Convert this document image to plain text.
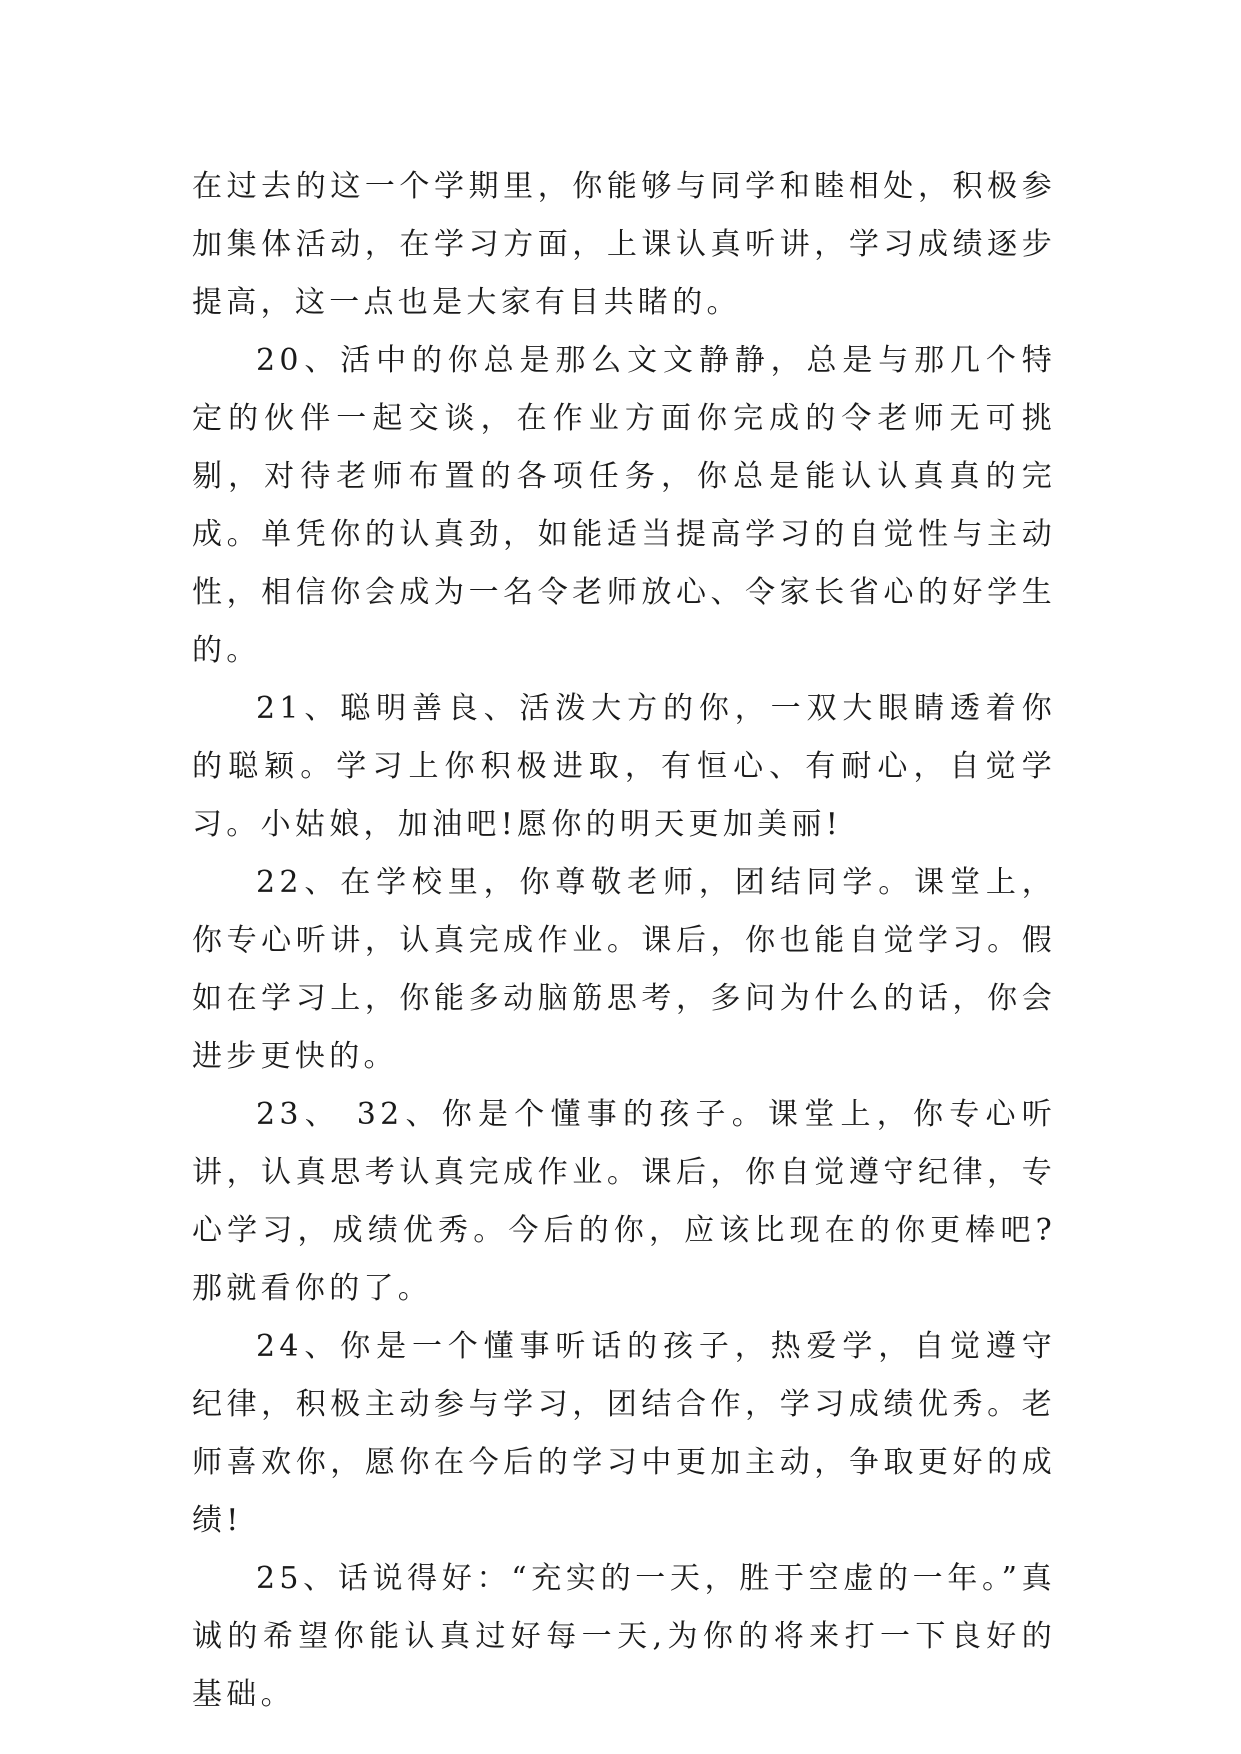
在过去的这一个学期里，你能够与同学和睦相处，积极参加集体活动，在学习方面，上课认真听讲，学习成绩逐步提高，这一点也是大家有目共睹的。

20、活中的你总是那么文文静静，总是与那几个特定的伙伴一起交谈，在作业方面你完成的令老师无可挑剔，对待老师布置的各项任务，你总是能认认真真的完成。单凭你的认真劲，如能适当提高学习的自觉性与主动性，相信你会成为一名令老师放心、令家长省心的好学生的。

21、聪明善良、活泼大方的你，一双大眼睛透着你的聪颖。学习上你积极进取，有恒心、有耐心，自觉学习。小姑娘，加油吧!愿你的明天更加美丽!

22、在学校里，你尊敬老师，团结同学。课堂上，你专心听讲，认真完成作业。课后，你也能自觉学习。假如在学习上，你能多动脑筋思考，多问为什么的话，你会进步更快的。

23、 32、你是个懂事的孩子。课堂上，你专心听讲，认真思考认真完成作业。课后，你自觉遵守纪律，专心学习，成绩优秀。今后的你，应该比现在的你更棒吧?那就看你的了。

24、你是一个懂事听话的孩子，热爱学，自觉遵守纪律，积极主动参与学习，团结合作，学习成绩优秀。老师喜欢你，愿你在今后的学习中更加主动，争取更好的成绩!

25、话说得好：“充实的一天，胜于空虚的一年。”真诚的希望你能认真过好每一天,为你的将来打一下良好的基础。
